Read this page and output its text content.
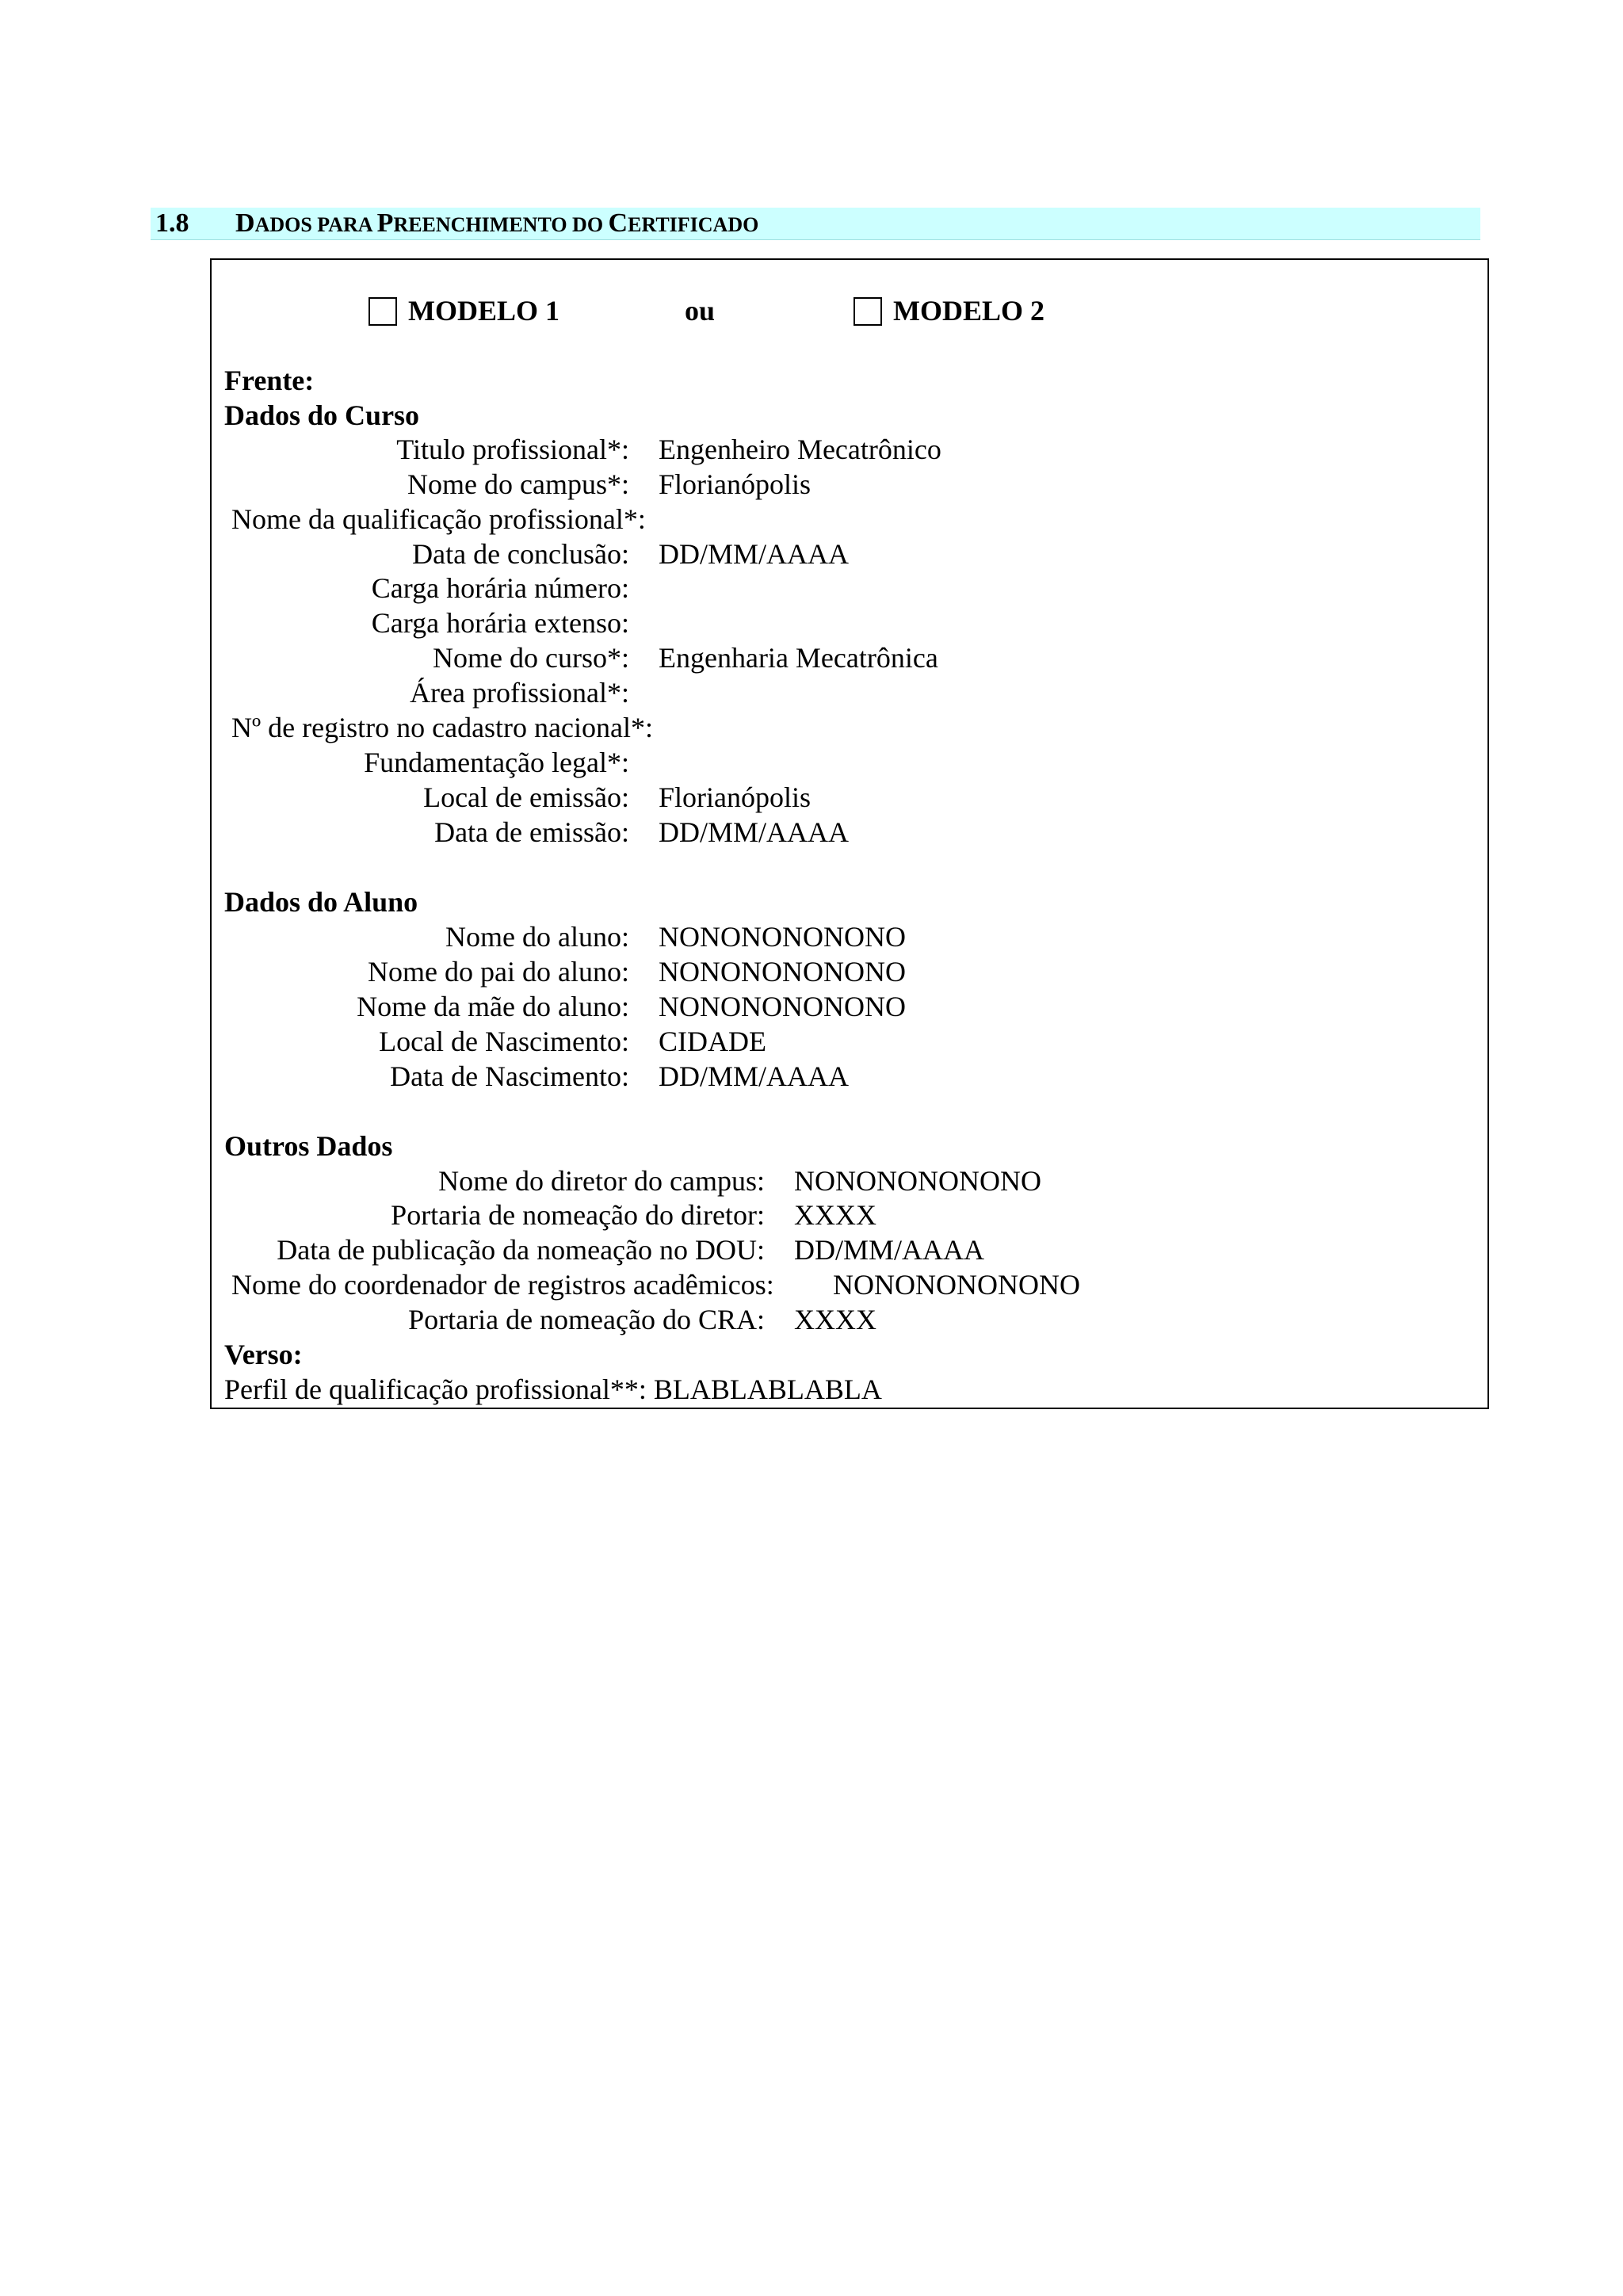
1.8 DADOS PARA PREENCHIMENTO DO CERTIFICADO
MODELO 1	ou	MODELO 2
Frente:
Dados do Curso
Titulo profissional*: Engenheiro Mecatrônico
Nome do campus*: Florianópolis
Nome da qualificação profissional*:
Data de conclusão: DD/MM/AAAA
Carga horária número:
Carga horária extenso:
Nome do curso*: Engenharia Mecatrônica
Área profissional*:
Nº de registro no cadastro nacional*:
Fundamentação legal*:
Local de emissão: Florianópolis
Data de emissão: DD/MM/AAAA
Dados do Aluno
Nome do aluno: NONONONONONO
Nome do pai do aluno: NONONONONONO
Nome da mãe do aluno: NONONONONONO
Local de Nascimento: CIDADE
Data de Nascimento: DD/MM/AAAA
Outros Dados
Nome do diretor do campus: NONONONONONO
Portaria de nomeação do diretor: XXXX
Data de publicação da nomeação no DOU: DD/MM/AAAA
Nome do coordenador de registros acadêmicos: NONONONONONO
Portaria de nomeação do CRA: XXXX
Verso:
Perfil de qualificação profissional**: BLABLABLABLA
